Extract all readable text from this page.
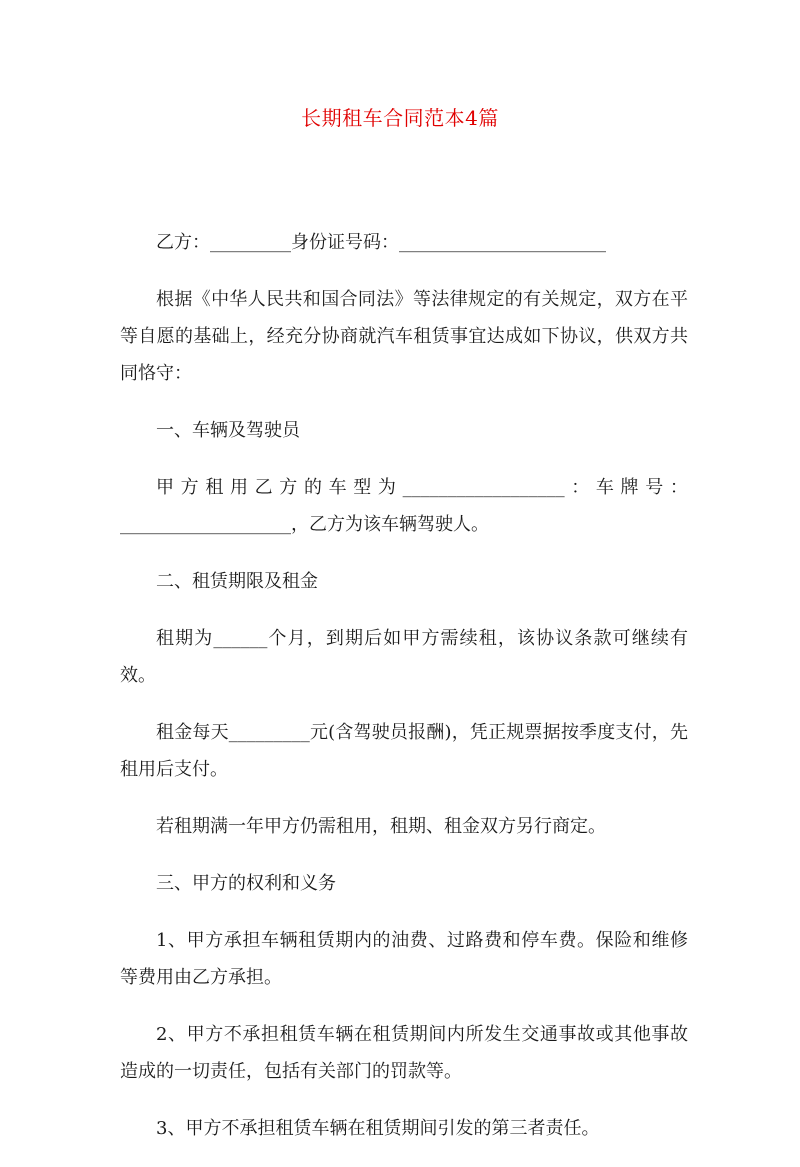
长期租车合同范本4篇

乙方：_________身份证号码：_______________________

根据《中华人民共和国合同法》等法律规定的有关规定，双方在平等自愿的基础上，经充分协商就汽车租赁事宜达成如下协议，供双方共同恪守：

一、车辆及驾驶员

甲 方 租 用 乙 方 的 车 型 为 __________________ ： 车 牌 号 ：
___________________，乙方为该车辆驾驶人。

二、租赁期限及租金

租期为______个月，到期后如甲方需续租，该协议条款可继续有效。

租金每天_________元(含驾驶员报酬)，凭正规票据按季度支付，先租用后支付。

若租期满一年甲方仍需租用，租期、租金双方另行商定。

三、甲方的权利和义务

1、甲方承担车辆租赁期内的油费、过路费和停车费。保险和维修等费用由乙方承担。

2、甲方不承担租赁车辆在租赁期间内所发生交通事故或其他事故造成的一切责任，包括有关部门的罚款等。

3、甲方不承担租赁车辆在租赁期间引发的第三者责任。
